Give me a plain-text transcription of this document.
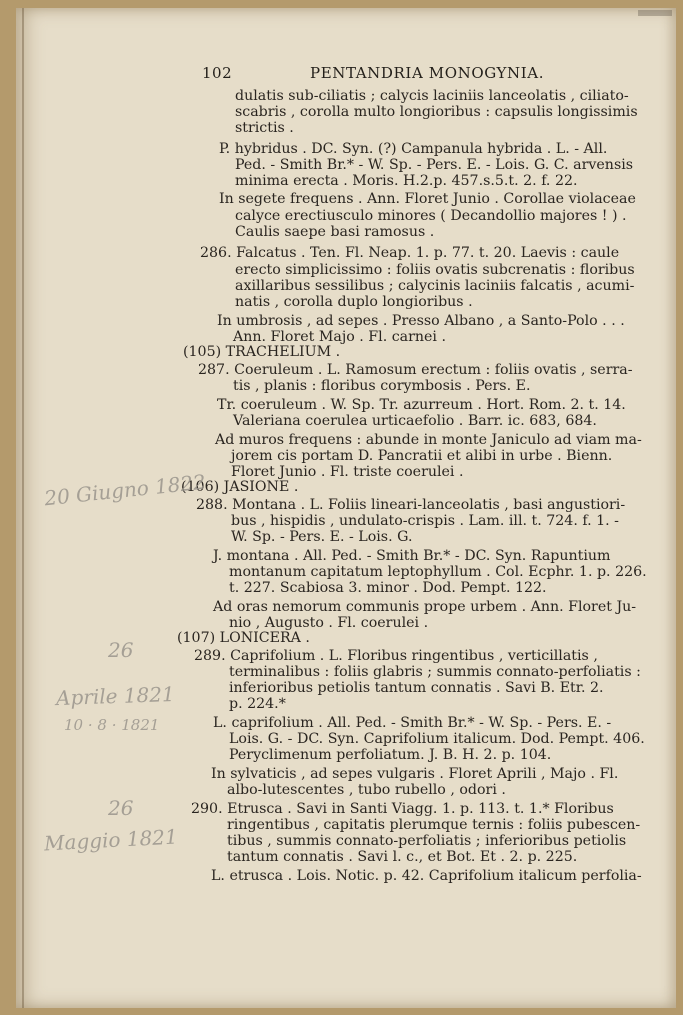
102	PENTANDRIA MONOGYNIA.
dulatis sub-ciliatis ; calycis laciniis lanceolatis , ciliato-
scabris , corolla multo longioribus : capsulis longissimis
strictis .
P. hybridus . DC. Syn. (?) Campanula hybrida . L. - All.
Ped. - Smith Br.* - W. Sp. - Pers. E. - Lois. G. C. arvensis
minima erecta . Moris. H.2.p. 457.s.5.t. 2. f. 22.
In segete frequens . Ann. Floret Junio . Corollae violaceae
calyce erectiusculo minores ( Decandollio majores ! ) .
Caulis saepe basi ramosus .
286. Falcatus . Ten. Fl. Neap. 1. p. 77. t. 20. Laevis : caule
erecto simplicissimo : foliis ovatis subcrenatis : floribus
axillaribus sessilibus ; calycinis laciniis falcatis , acumi-
natis , corolla duplo longioribus .
In umbrosis , ad sepes . Presso Albano , a Santo-Polo . . .
Ann. Floret Majo . Fl. carnei .
(105) TRACHELIUM .
287. Coeruleum . L. Ramosum erectum : foliis ovatis , serra-
tis , planis : floribus corymbosis . Pers. E.
Tr. coeruleum . W. Sp. Tr. azurreum . Hort. Rom. 2. t. 14.
Valeriana coerulea urticaefolio . Barr. ic. 683, 684.
Ad muros frequens : abunde in monte Janiculo ad viam ma-
jorem cis portam D. Pancratii et alibi in urbe . Bienn.
Floret Junio . Fl. triste coerulei .
(106) JASIONE .
288. Montana . L. Foliis lineari-lanceolatis , basi angustiori-
bus , hispidis , undulato-crispis . Lam. ill. t. 724. f. 1. -
W. Sp. - Pers. E. - Lois. G.
J. montana . All. Ped. - Smith Br.* - DC. Syn. Rapuntium
montanum capitatum leptophyllum . Col. Ecphr. 1. p. 226.
t. 227. Scabiosa 3. minor . Dod. Pempt. 122.
Ad oras nemorum communis prope urbem . Ann. Floret Ju-
nio , Augusto . Fl. coerulei .
(107) LONICERA .
289. Caprifolium . L. Floribus ringentibus , verticillatis ,
terminalibus : foliis glabris ; summis connato-perfoliatis :
inferioribus petiolis tantum connatis . Savi B. Etr. 2.
p. 224.*
L. caprifolium . All. Ped. - Smith Br.* - W. Sp. - Pers. E. -
Lois. G. - DC. Syn. Caprifolium italicum. Dod. Pempt. 406.
Peryclimenum perfoliatum. J. B. H. 2. p. 104.
In sylvaticis , ad sepes vulgaris . Floret Aprili , Majo . Fl.
albo-lutescentes , tubo rubello , odori .
290. Etrusca . Savi in Santi Viagg. 1. p. 113. t. 1.* Floribus
ringentibus , capitatis plerumque ternis : foliis pubescen-
tibus , summis connato-perfoliatis ; inferioribus petiolis
tantum connatis . Savi l. c., et Bot. Et . 2. p. 225.
L. etrusca . Lois. Notic. p. 42. Caprifolium italicum perfolia-
20 Giugno 1822
26
Aprile 1821
10 · 8 · 1821
26
Maggio 1821
